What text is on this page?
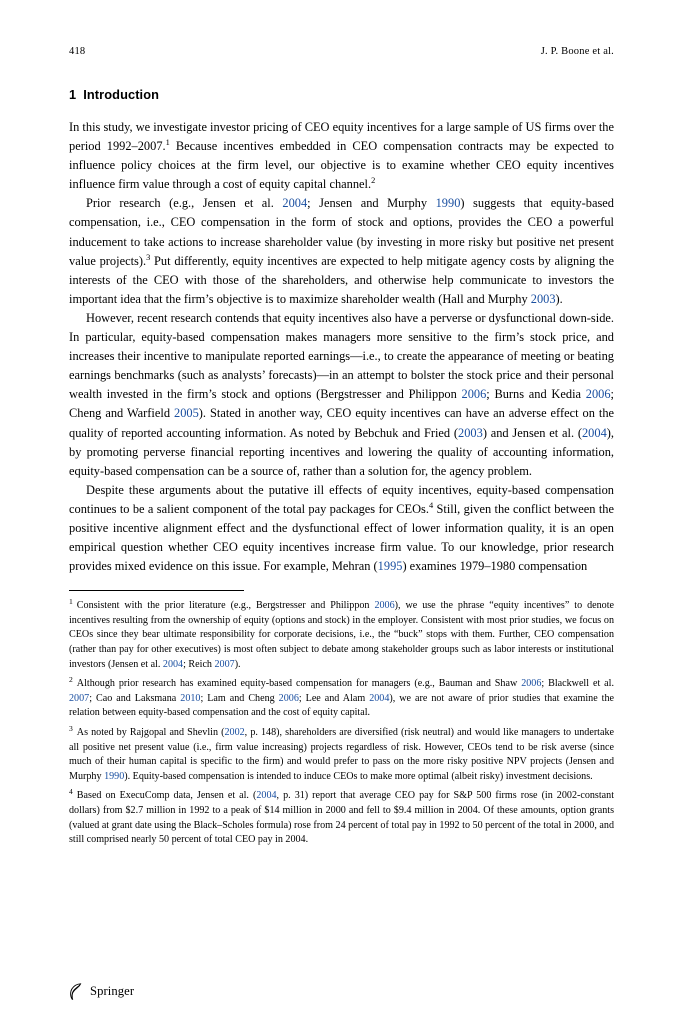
418	J. P. Boone et al.
1 Introduction

In this study, we investigate investor pricing of CEO equity incentives for a large sample of US firms over the period 1992–2007.$^1$ Because incentives embedded in CEO compensation contracts may be expected to influence policy choices at the firm level, our objective is to examine whether CEO equity incentives influence firm value through a cost of equity capital channel.$^2$

Prior research (e.g., Jensen et al. 2004; Jensen and Murphy 1990) suggests that equity-based compensation, i.e., CEO compensation in the form of stock and options, provides the CEO a powerful inducement to take actions to increase shareholder value (by investing in more risky but positive net present value projects).$^3$ Put differently, equity incentives are expected to help mitigate agency costs by aligning the interests of the CEO with those of the shareholders, and otherwise help communicate to investors the important idea that the firm’s objective is to maximize shareholder wealth (Hall and Murphy 2003).

However, recent research contends that equity incentives also have a perverse or dysfunctional down-side. In particular, equity-based compensation makes managers more sensitive to the firm’s stock price, and increases their incentive to manipulate reported earnings—i.e., to create the appearance of meeting or beating earnings benchmarks (such as analysts’ forecasts)—in an attempt to bolster the stock price and their personal wealth invested in the firm’s stock and options (Bergstresser and Philippon 2006; Burns and Kedia 2006; Cheng and Warfield 2005). Stated in another way, CEO equity incentives can have an adverse effect on the quality of reported accounting information. As noted by Bebchuk and Fried (2003) and Jensen et al. (2004), by promoting perverse financial reporting incentives and lowering the quality of accounting information, equity-based compensation can be a source of, rather than a solution for, the agency problem.

Despite these arguments about the putative ill effects of equity incentives, equity-based compensation continues to be a salient component of the total pay packages for CEOs.$^4$ Still, given the conflict between the positive incentive alignment effect and the dysfunctional effect of lower information quality, it is an open empirical question whether CEO equity incentives increase firm value. To our knowledge, prior research provides mixed evidence on this issue. For example, Mehran (1995) examines 1979–1980 compensation

$^1$ Consistent with the prior literature (e.g., Bergstresser and Philippon 2006), we use the phrase “equity incentives” to denote incentives resulting from the ownership of equity (options and stock) in the employer. Consistent with most prior studies, we focus on CEOs since they bear ultimate responsibility for corporate decisions, i.e., the “buck” stops with them. Further, CEO compensation (rather than pay for other executives) is most often subject to debate among stakeholder groups such as labor interests or institutional investors (Jensen et al. 2004; Reich 2007).

$^2$ Although prior research has examined equity-based compensation for managers (e.g., Bauman and Shaw 2006; Blackwell et al. 2007; Cao and Laksmana 2010; Lam and Cheng 2006; Lee and Alam 2004), we are not aware of prior studies that examine the relation between equity-based compensation and the cost of equity capital.

$^3$ As noted by Rajgopal and Shevlin (2002, p. 148), shareholders are diversified (risk neutral) and would like managers to undertake all positive net present value (i.e., firm value increasing) projects regardless of risk. However, CEOs tend to be risk averse (since much of their human capital is specific to the firm) and would prefer to pass on the more risky positive NPV projects (Jensen and Murphy 1990). Equity-based compensation is intended to induce CEOs to make more optimal (albeit risky) investment decisions.

$^4$ Based on ExecuComp data, Jensen et al. (2004, p. 31) report that average CEO pay for S&P 500 firms rose (in 2002-constant dollars) from $2.7 million in 1992 to a peak of $14 million in 2000 and fell to $9.4 million in 2004. Of these amounts, option grants (valued at grant date using the Black–Scholes formula) rose from 24 percent of total pay in 1992 to 50 percent of the total in 2000, and still comprised nearly 50 percent of total CEO pay in 2004.

Springer
